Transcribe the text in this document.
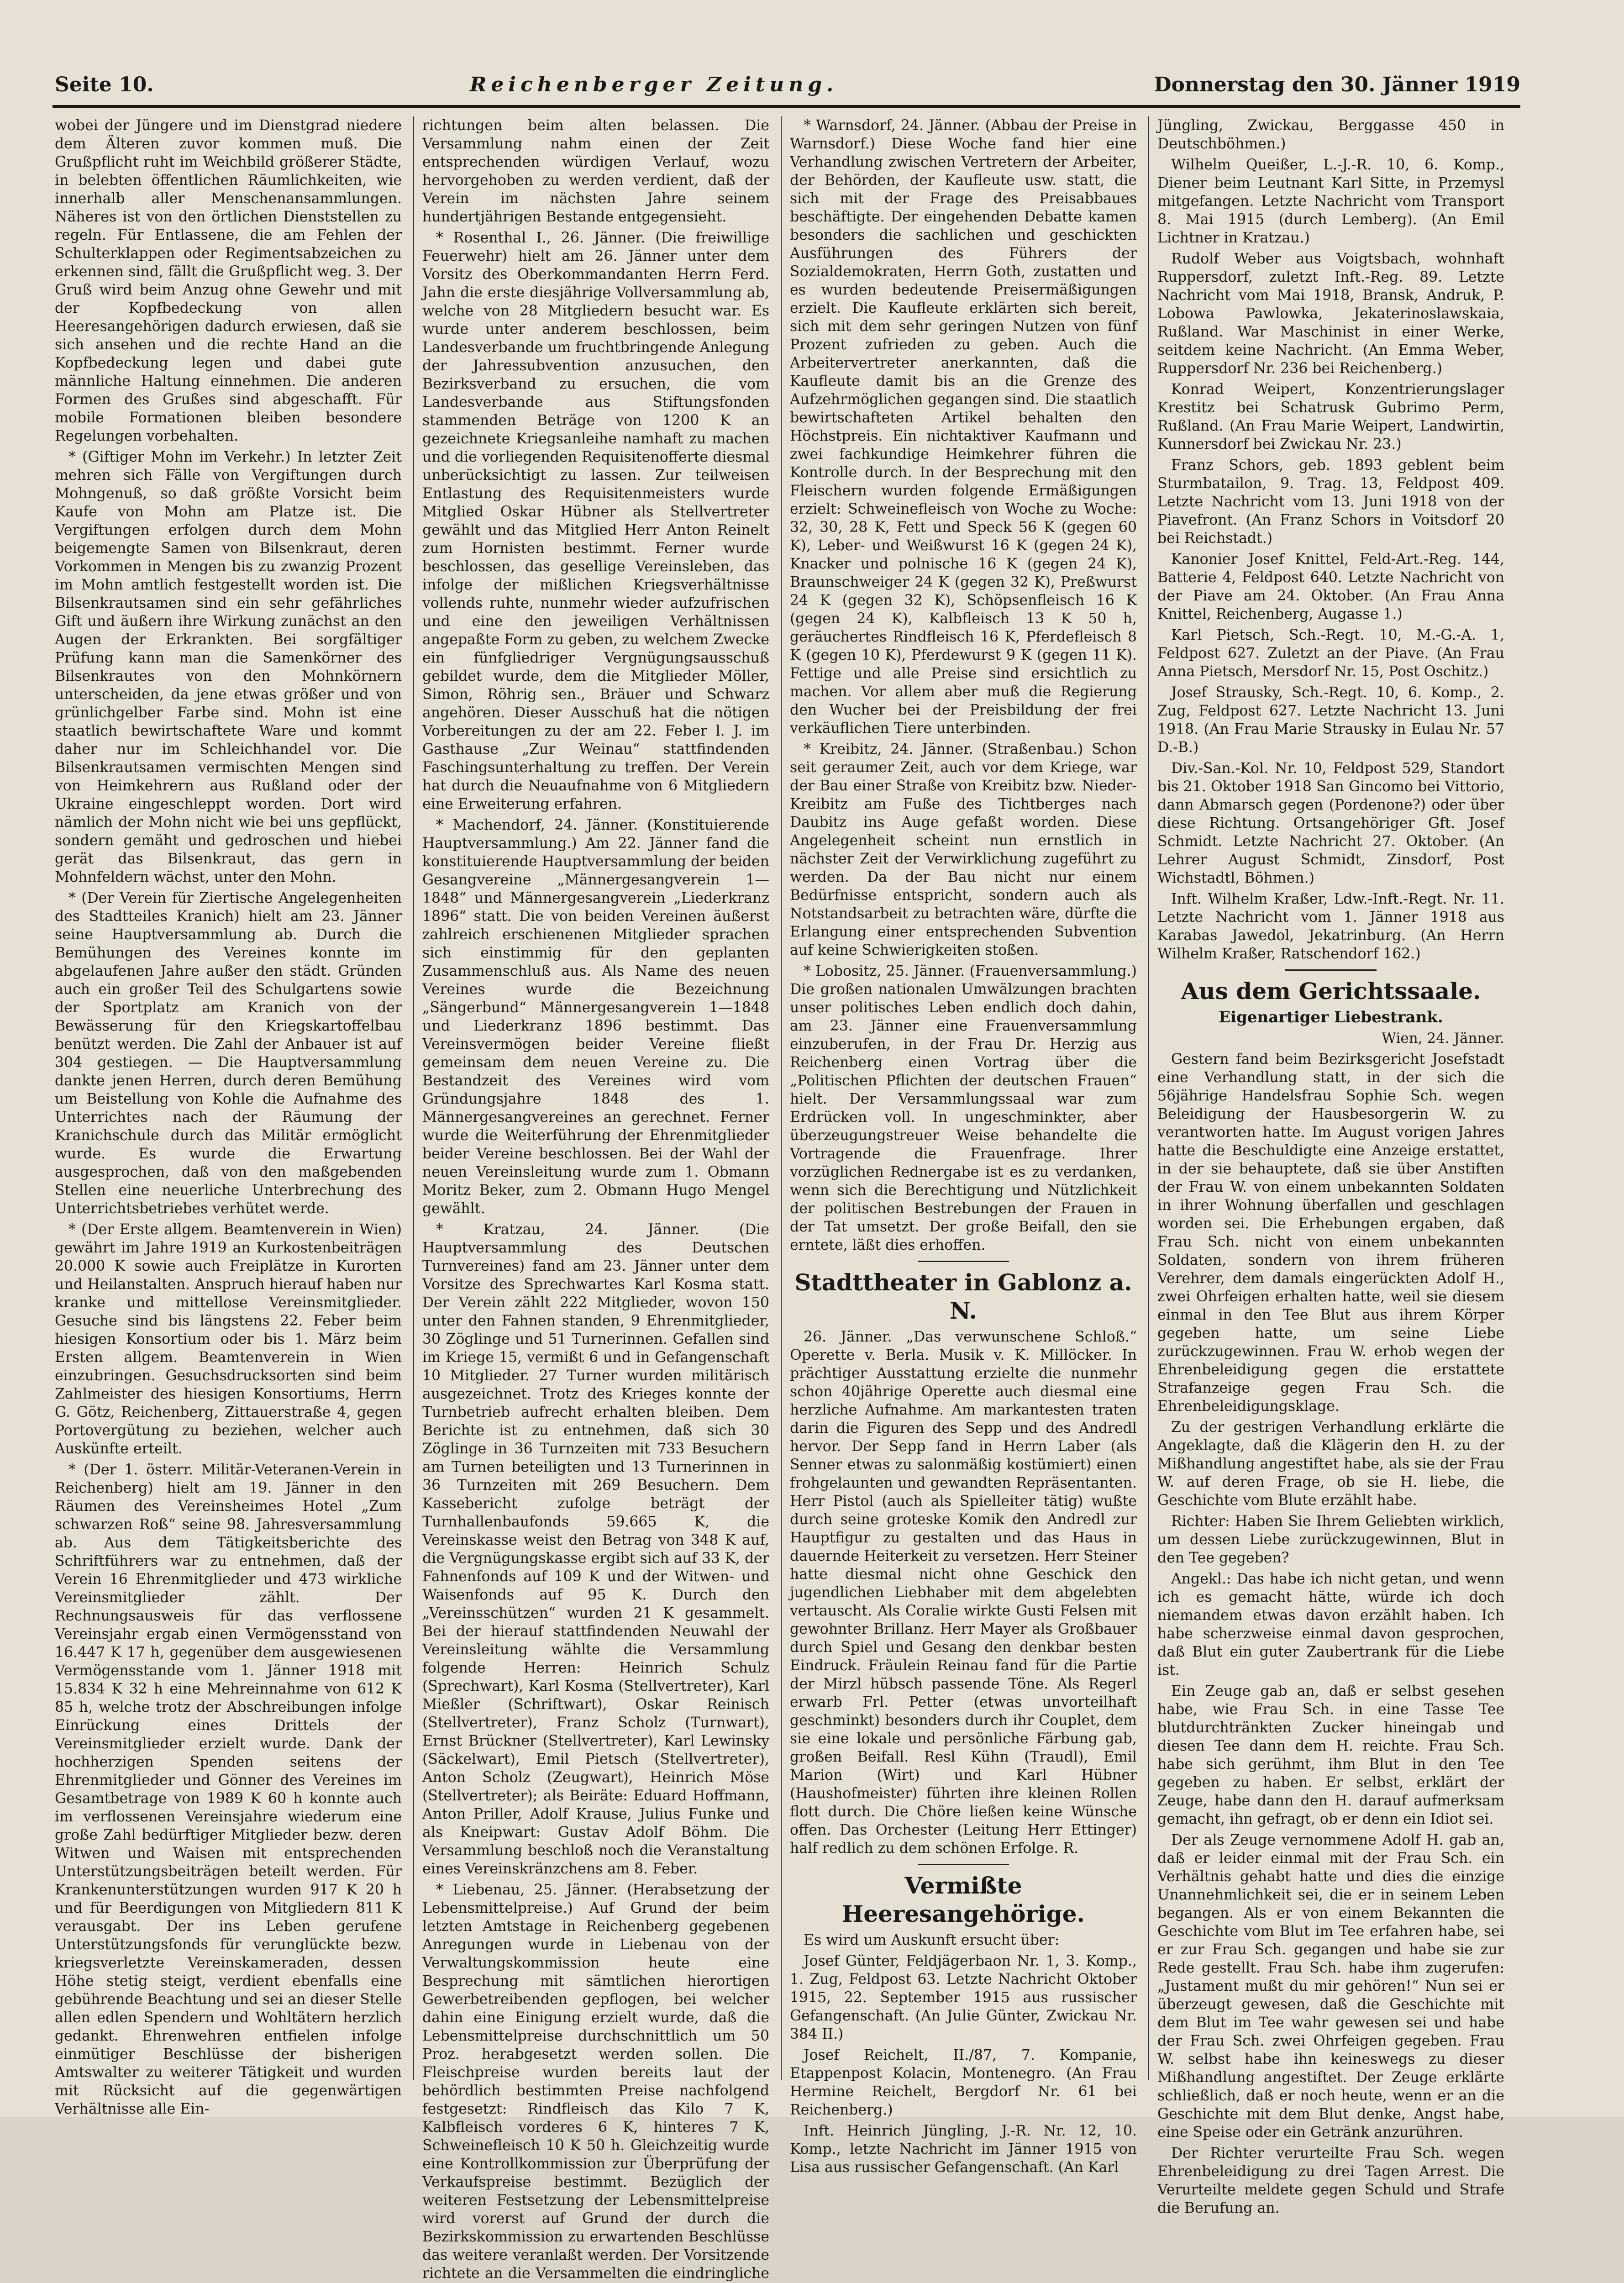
Seite 10.	Reichenberger Zeitung.	Donnerstag den 30. Jänner 1919

wobei der Jüngere und im Dienstgrad niedere dem Älteren zuvor kommen muß. Die Grußpflicht ruht im Weichbild größerer Städte, in belebten öffentlichen Räumlichkeiten, wie innerhalb aller Menschenansammlungen. Näheres ist von den örtlichen Dienststellen zu regeln. Für Entlassene, die am Fehlen der Schulterklappen oder Regimentsabzeichen zu erkennen sind, fällt die Grußpflicht weg. 3. Der Gruß wird beim Anzug ohne Gewehr und mit der Kopfbedeckung von allen Heeresangehörigen dadurch erwiesen, daß sie sich ansehen und die rechte Hand an die Kopfbedeckung legen und dabei gute männliche Haltung einnehmen. Die anderen Formen des Grußes sind abgeschafft. Für mobile Formationen bleiben besondere Regelungen vorbehalten.

* (Giftiger Mohn im Verkehr.) In letzter Zeit mehren sich Fälle von Vergiftungen durch Mohngenuß, so daß größte Vorsicht beim Kaufe von Mohn am Platze ist. Die Vergiftungen erfolgen durch dem Mohn beigemengte Samen von Bilsenkraut, deren Vorkommen in Mengen bis zu zwanzig Prozent im Mohn amtlich festgestellt worden ist. Die Bilsenkrautsamen sind ein sehr gefährliches Gift und äußern ihre Wirkung zunächst an den Augen der Erkrankten. Bei sorgfältiger Prüfung kann man die Samenkörner des Bilsenkrautes von den Mohnkörnern unterscheiden, da jene etwas größer und von grünlichgelber Farbe sind. Mohn ist eine staatlich bewirtschaftete Ware und kommt daher nur im Schleichhandel vor. Die Bilsenkrautsamen vermischten Mengen sind von Heimkehrern aus Rußland oder der Ukraine eingeschleppt worden. Dort wird nämlich der Mohn nicht wie bei uns gepflückt, sondern gemäht und gedroschen und hiebei gerät das Bilsenkraut, das gern in Mohnfeldern wächst, unter den Mohn.

* (Der Verein für Ziertische Angelegenheiten des Stadtteiles Kranich) hielt am 23. Jänner seine Hauptversammlung ab. Durch die Bemühungen des Vereines konnte im abgelaufenen Jahre außer den städt. Gründen auch ein großer Teil des Schulgartens sowie der Sportplatz am Kranich von der Bewässerung für den Kriegskartoffelbau benützt werden. Die Zahl der Anbauer ist auf 304 gestiegen. — Die Hauptversammlung dankte jenen Herren, durch deren Bemühung um Beistellung von Kohle die Aufnahme des Unterrichtes nach der Räumung der Kranichschule durch das Militär ermöglicht wurde. Es wurde die Erwartung ausgesprochen, daß von den maßgebenden Stellen eine neuerliche Unterbrechung des Unterrichtsbetriebes verhütet werde.

* (Der Erste allgem. Beamtenverein in Wien) gewährt im Jahre 1919 an Kurkostenbeiträgen 20.000 K sowie auch Freiplätze in Kurorten und Heilanstalten. Anspruch hierauf haben nur kranke und mittellose Vereinsmitglieder. Gesuche sind bis längstens 22. Feber beim hiesigen Konsortium oder bis 1. März beim Ersten allgem. Beamtenverein in Wien einzubringen. Gesuchsdrucksorten sind beim Zahlmeister des hiesigen Konsortiums, Herrn G. Götz, Reichenberg, Zittauerstraße 4, gegen Portovergütung zu beziehen, welcher auch Auskünfte erteilt.

* (Der 1. österr. Militär-Veteranen-Verein in Reichenberg) hielt am 19. Jänner in den Räumen des Vereinsheimes Hotel „Zum schwarzen Roß“ seine 98. Jahresversammlung ab. Aus dem Tätigkeitsberichte des Schriftführers war zu entnehmen, daß der Verein 16 Ehrenmitglieder und 473 wirkliche Vereinsmitglieder zählt. Der Rechnungsausweis für das verflossene Vereinsjahr ergab einen Vermögensstand von 16.447 K 17 h, gegenüber dem ausgewiesenen Vermögensstande vom 1. Jänner 1918 mit 15.834 K 32 h eine Mehreinnahme von 612 K 85 h, welche trotz der Abschreibungen infolge Einrückung eines Drittels der Vereinsmitglieder erzielt wurde. Dank der hochherzigen Spenden seitens der Ehrenmitglieder und Gönner des Vereines im Gesamtbetrage von 1989 K 60 h konnte auch im verflossenen Vereinsjahre wiederum eine große Zahl bedürftiger Mitglieder bezw. deren Witwen und Waisen mit entsprechenden Unterstützungsbeiträgen beteilt werden. Für Krankenunterstützungen wurden 917 K 20 h und für Beerdigungen von Mitgliedern 811 K verausgabt. Der ins Leben gerufene Unterstützungsfonds für verunglückte bezw. kriegsverletzte Vereinskameraden, dessen Höhe stetig steigt, verdient ebenfalls eine gebührende Beachtung und sei an dieser Stelle allen edlen Spendern und Wohltätern herzlich gedankt. Ehrenwehren entfielen infolge einmütiger Beschlüsse der bisherigen Amtswalter zu weiterer Tätigkeit und wurden mit Rücksicht auf die gegenwärtigen Verhältnisse alle Ein-

richtungen beim alten belassen. Die Versammlung nahm einen der Zeit entsprechenden würdigen Verlauf, wozu hervorgehoben zu werden verdient, daß der Verein im nächsten Jahre seinem hundertjährigen Bestande entgegensieht.

* Rosenthal I., 26. Jänner. (Die freiwillige Feuerwehr) hielt am 26. Jänner unter dem Vorsitz des Oberkommandanten Herrn Ferd. Jahn die erste diesjährige Vollversammlung ab, welche von 28 Mitgliedern besucht war. Es wurde unter anderem beschlossen, beim Landesverbande um fruchtbringende Anlegung der Jahressubvention anzusuchen, den Bezirksverband zu ersuchen, die vom Landesverbande aus Stiftungsfonden stammenden Beträge von 1200 K an gezeichnete Kriegsanleihe namhaft zu machen und die vorliegenden Requisitenofferte diesmal unberücksichtigt zu lassen. Zur teilweisen Entlastung des Requisitenmeisters wurde Mitglied Oskar Hübner als Stellvertreter gewählt und das Mitglied Herr Anton Reinelt zum Hornisten bestimmt. Ferner wurde beschlossen, das gesellige Vereinsleben, das infolge der mißlichen Kriegsverhältnisse vollends ruhte, nunmehr wieder aufzufrischen und eine den jeweiligen Verhältnissen angepaßte Form zu geben, zu welchem Zwecke ein fünfgliedriger Vergnügungsausschuß gebildet wurde, dem die Mitglieder Möller, Simon, Röhrig sen., Bräuer und Schwarz angehören. Dieser Ausschuß hat die nötigen Vorbereitungen zu der am 22. Feber l. J. im Gasthause „Zur Weinau“ stattfindenden Faschingsunterhaltung zu treffen. Der Verein hat durch die Neuaufnahme von 6 Mitgliedern eine Erweiterung erfahren.

* Machendorf, 24. Jänner. (Konstituierende Hauptversammlung.) Am 22. Jänner fand die konstituierende Hauptversammlung der beiden Gesangvereine „Männergesangverein 1—1848“ und Männergesangverein „Liederkranz 1896“ statt. Die von beiden Vereinen äußerst zahlreich erschienenen Mitglieder sprachen sich einstimmig für den geplanten Zusammenschluß aus. Als Name des neuen Vereines wurde die Bezeichnung „Sängerbund“ Männergesangverein 1—1848 und Liederkranz 1896 bestimmt. Das Vereinsvermögen beider Vereine fließt gemeinsam dem neuen Vereine zu. Die Bestandzeit des Vereines wird vom Gründungsjahre 1848 des 1. Männergesangvereines an gerechnet. Ferner wurde die Weiterführung der Ehrenmitglieder beider Vereine beschlossen. Bei der Wahl der neuen Vereinsleitung wurde zum 1. Obmann Moritz Beker, zum 2. Obmann Hugo Mengel gewählt.

* Kratzau, 24. Jänner. (Die Hauptversammlung des Deutschen Turnvereines) fand am 23. Jänner unter dem Vorsitze des Sprechwartes Karl Kosma statt. Der Verein zählt 222 Mitglieder, wovon 150 unter den Fahnen standen, 9 Ehrenmitglieder, 30 Zöglinge und 51 Turnerinnen. Gefallen sind im Kriege 15, vermißt 6 und in Gefangenschaft 10 Mitglieder. 27 Turner wurden militärisch ausgezeichnet. Trotz des Krieges konnte der Turnbetrieb aufrecht erhalten bleiben. Dem Berichte ist zu entnehmen, daß sich 30 Zöglinge in 36 Turnzeiten mit 733 Besuchern am Turnen beteiligten und 13 Turnerinnen in 36 Turnzeiten mit 269 Besuchern. Dem Kassebericht zufolge beträgt der Turnhallenbaufonds 59.665 K, die Vereinskasse weist den Betrag von 348 K auf, die Vergnügungskasse ergibt sich auf 33 K, der Fahnenfonds auf 109 K und der Witwen- und Waisenfonds auf 95 K. Durch den „Vereinsschützen“ wurden 21 K gesammelt. Bei der hierauf stattfindenden Neuwahl der Vereinsleitung wählte die Versammlung folgende Herren: Heinrich Schulz (Sprechwart), Karl Kosma (Stellvertreter), Karl Mießler (Schriftwart), Oskar Reinisch (Stellvertreter), Franz Scholz (Turnwart), Ernst Brückner (Stellvertreter), Karl Lewinsky (Säckelwart), Emil Pietsch (Stellvertreter), Anton Scholz (Zeugwart), Heinrich Möse (Stellvertreter); als Beiräte: Eduard Hoffmann, Anton Priller, Adolf Krause, Julius Funke und als Kneipwart: Gustav Adolf Böhm. Die Versammlung beschloß noch die Veranstaltung eines Vereinskränzchens am 8. Feber.

* Liebenau, 25. Jänner. (Herabsetzung der Lebensmittelpreise.) Auf Grund der beim letzten Amtstage in Reichenberg gegebenen Anregungen wurde in Liebenau von der Verwaltungskommission heute eine Besprechung mit sämtlichen hierortigen Gewerbetreibenden gepflogen, bei welcher dahin eine Einigung erzielt wurde, daß die Lebensmittelpreise durchschnittlich um 50 Proz. herabgesetzt werden sollen. Die Fleischpreise wurden bereits laut der behördlich bestimmten Preise nachfolgend festgesetzt: Rindfleisch das Kilo 7 K, Kalbfleisch vorderes 6 K, hinteres 7 K, Schweinefleisch 10 K 50 h. Gleichzeitig wurde eine Kontrollkommission zur Überprüfung der Verkaufspreise bestimmt. Bezüglich der weiteren Festsetzung der Lebensmittelpreise wird vorerst auf Grund der durch die Bezirkskommission zu erwartenden Beschlüsse das weitere veranlaßt werden. Der Vorsitzende richtete an die Versammelten die eindringliche

* Warnsdorf, 24. Jänner. (Abbau der Preise in Warnsdorf.) Diese Woche fand hier eine Verhandlung zwischen Vertretern der Arbeiter, der Behörden, der Kaufleute usw. statt, die sich mit der Frage des Preisabbaues beschäftigte. Der eingehenden Debatte kamen besonders die sachlichen und geschickten Ausführungen des Führers der Sozialdemokraten, Herrn Goth, zustatten und es wurden bedeutende Preisermäßigungen erzielt. Die Kaufleute erklärten sich bereit, sich mit dem sehr geringen Nutzen von fünf Prozent zufrieden zu geben. Auch die Arbeitervertreter anerkannten, daß die Kaufleute damit bis an die Grenze des Aufzehrmöglichen gegangen sind. Die staatlich bewirtschafteten Artikel behalten den Höchstpreis. Ein nichtaktiver Kaufmann und zwei fachkundige Heimkehrer führen die Kontrolle durch. In der Besprechung mit den Fleischern wurden folgende Ermäßigungen erzielt: Schweinefleisch von Woche zu Woche: 32, 30, 28 K, Fett und Speck 56 K (gegen 60 K), Leber- und Weißwurst 16 K (gegen 24 K), Knacker und polnische 16 K (gegen 24 K), Braunschweiger 24 K (gegen 32 K), Preßwurst 24 K (gegen 32 K), Schöpsenfleisch 16 K (gegen 24 K), Kalbfleisch 13 K 50 h, geräuchertes Rindfleisch 16 K, Pferdefleisch 8 K (gegen 10 K), Pferdewurst 9 K (gegen 11 K). Fettige und alle Preise sind ersichtlich zu machen. Vor allem aber muß die Regierung den Wucher bei der Preisbildung der frei verkäuflichen Tiere unterbinden.

* Kreibitz, 24. Jänner. (Straßenbau.) Schon seit geraumer Zeit, auch vor dem Kriege, war der Bau einer Straße von Kreibitz bzw. Nieder-Kreibitz am Fuße des Tichtberges nach Daubitz ins Auge gefaßt worden. Diese Angelegenheit scheint nun ernstlich in nächster Zeit der Verwirklichung zugeführt zu werden. Da der Bau nicht nur einem Bedürfnisse entspricht, sondern auch als Notstandsarbeit zu betrachten wäre, dürfte die Erlangung einer entsprechenden Subvention auf keine Schwierigkeiten stoßen.

* Lobositz, 25. Jänner. (Frauenversammlung.) Die großen nationalen Umwälzungen brachten unser politisches Leben endlich doch dahin, am 23. Jänner eine Frauenversammlung einzuberufen, in der Frau Dr. Herzig aus Reichenberg einen Vortrag über die „Politischen Pflichten der deutschen Frauen“ hielt. Der Versammlungssaal war zum Erdrücken voll. In ungeschminkter, aber überzeugungstreuer Weise behandelte die Vortragende die Frauenfrage. Ihrer vorzüglichen Rednergabe ist es zu verdanken, wenn sich die Berechtigung und Nützlichkeit der politischen Bestrebungen der Frauen in der Tat umsetzt. Der große Beifall, den sie erntete, läßt dies erhoffen.

Stadttheater in Gablonz a. N.

26. Jänner. „Das verwunschene Schloß.“ Operette v. Berla. Musik v. K. Millöcker. In prächtiger Ausstattung erzielte die nunmehr schon 40jährige Operette auch diesmal eine herzliche Aufnahme. Am markantesten traten darin die Figuren des Sepp und des Andredl hervor. Der Sepp fand in Herrn Laber (als Senner etwas zu salonmäßig kostümiert) einen frohgelaunten und gewandten Repräsentanten. Herr Pistol (auch als Spielleiter tätig) wußte durch seine groteske Komik den Andredl zur Hauptfigur zu gestalten und das Haus in dauernde Heiterkeit zu versetzen. Herr Steiner hatte diesmal nicht ohne Geschick den jugendlichen Liebhaber mit dem abgelebten vertauscht. Als Coralie wirkte Gusti Felsen mit gewohnter Brillanz. Herr Mayer als Großbauer durch Spiel und Gesang den denkbar besten Eindruck. Fräulein Reinau fand für die Partie der Mirzl hübsch passende Töne. Als Regerl erwarb Frl. Petter (etwas unvorteilhaft geschminkt) besonders durch ihr Couplet, dem sie eine lokale und persönliche Färbung gab, großen Beifall. Resl Kühn (Traudl), Emil Marion (Wirt) und Karl Hübner (Haushofmeister) führten ihre kleinen Rollen flott durch. Die Chöre ließen keine Wünsche offen. Das Orchester (Leitung Herr Ettinger) half redlich zu dem schönen Erfolge. R.

Vermißte Heeresangehörige.

Es wird um Auskunft ersucht über:

Josef Günter, Feldjägerbaon Nr. 1, 3. Komp., 1. Zug, Feldpost 63. Letzte Nachricht Oktober 1915, 22. September 1915 aus russischer Gefangenschaft. (An Julie Günter, Zwickau Nr. 384 II.)

Josef Reichelt, II./87, 7. Kompanie, Etappenpost Kolacin, Montenegro. (An Frau Hermine Reichelt, Bergdorf Nr. 61 bei Reichenberg.)

Inft. Heinrich Jüngling, J.-R. Nr. 12, 10. Komp., letzte Nachricht im Jänner 1915 von Lisa aus russischer Gefangenschaft. (An Karl

Jüngling, Zwickau, Berggasse 450 in Deutschböhmen.)

Wilhelm Queißer, L.-J.-R. 10, 6. Komp., Diener beim Leutnant Karl Sitte, in Przemysl mitgefangen. Letzte Nachricht vom Transport 8. Mai 1915 (durch Lemberg). (An Emil Lichtner in Kratzau.)

Rudolf Weber aus Voigtsbach, wohnhaft Ruppersdorf, zuletzt Inft.-Reg. 89. Letzte Nachricht vom Mai 1918, Bransk, Andruk, P. Lobowa Pawlowka, Jekaterinoslawskaia, Rußland. War Maschinist in einer Werke, seitdem keine Nachricht. (An Emma Weber, Ruppersdorf Nr. 236 bei Reichenberg.)

Konrad Weipert, Konzentrierungslager Krestitz bei Schatrusk Gubrimo Perm, Rußland. (An Frau Marie Weipert, Landwirtin, Kunnersdorf bei Zwickau Nr. 23.)

Franz Schors, geb. 1893 geblent beim Sturmbatailon, 9. Trag. 13, Feldpost 409. Letzte Nachricht vom 13. Juni 1918 von der Piavefront. (An Franz Schors in Voitsdorf 20 bei Reichstadt.)

Kanonier Josef Knittel, Feld-Art.-Reg. 144, Batterie 4, Feldpost 640. Letzte Nachricht von der Piave am 24. Oktober. (An Frau Anna Knittel, Reichenberg, Augasse 1.)

Karl Pietsch, Sch.-Regt. 10, M.-G.-A. 1, Feldpost 627. Zuletzt an der Piave. (An Frau Anna Pietsch, Mersdorf Nr. 15, Post Oschitz.)

Josef Strausky, Sch.-Regt. 10, 6. Komp., 2. Zug, Feldpost 627. Letzte Nachricht 13. Juni 1918. (An Frau Marie Strausky in Eulau Nr. 57 D.-B.)

Div.-San.-Kol. Nr. 10, Feldpost 529, Standort bis 21. Oktober 1918 San Gincomo bei Vittorio, dann Abmarsch gegen (Pordenone?) oder über diese Richtung. Ortsangehöriger Gft. Josef Schmidt. Letzte Nachricht 27. Oktober. (An Lehrer August Schmidt, Zinsdorf, Post Wichstadtl, Böhmen.)

Inft. Wilhelm Kraßer, Ldw.-Inft.-Regt. Nr. 11. Letzte Nachricht vom 1. Jänner 1918 aus Karabas Jawedol, Jekatrinburg. (An Herrn Wilhelm Kraßer, Ratschendorf 162.)

Aus dem Gerichtssaale.

Eigenartiger Liebestrank.

Wien, 24. Jänner.

Gestern fand beim Bezirksgericht Josefstadt eine Verhandlung statt, in der sich die 56jährige Handelsfrau Sophie Sch. wegen Beleidigung der Hausbesorgerin W. zu verantworten hatte. Im August vorigen Jahres hatte die Beschuldigte eine Anzeige erstattet, in der sie behauptete, daß sie über Anstiften der Frau W. von einem unbekannten Soldaten in ihrer Wohnung überfallen und geschlagen worden sei. Die Erhebungen ergaben, daß Frau Sch. nicht von einem unbekannten Soldaten, sondern von ihrem früheren Verehrer, dem damals eingerückten Adolf H., zwei Ohrfeigen erhalten hatte, weil sie diesem einmal in den Tee Blut aus ihrem Körper gegeben hatte, um seine Liebe zurückzugewinnen. Frau W. erhob wegen der Ehrenbeleidigung gegen die erstattete Strafanzeige gegen Frau Sch. die Ehrenbeleidigungsklage.

Zu der gestrigen Verhandlung erklärte die Angeklagte, daß die Klägerin den H. zu der Mißhandlung angestiftet habe, als sie der Frau W. auf deren Frage, ob sie H. liebe, die Geschichte vom Blute erzählt habe.

Richter: Haben Sie Ihrem Geliebten wirklich, um dessen Liebe zurückzugewinnen, Blut in den Tee gegeben?

Angekl.: Das habe ich nicht getan, und wenn ich es gemacht hätte, würde ich doch niemandem etwas davon erzählt haben. Ich habe scherzweise einmal davon gesprochen, daß Blut ein guter Zaubertrank für die Liebe ist.

Ein Zeuge gab an, daß er selbst gesehen habe, wie Frau Sch. in eine Tasse Tee blutdurchtränkten Zucker hineingab und diesen Tee dann dem H. reichte. Frau Sch. habe sich gerühmt, ihm Blut in den Tee gegeben zu haben. Er selbst, erklärt der Zeuge, habe dann den H. darauf aufmerksam gemacht, ihn gefragt, ob er denn ein Idiot sei.

Der als Zeuge vernommene Adolf H. gab an, daß er leider einmal mit der Frau Sch. ein Verhältnis gehabt hatte und dies die einzige Unannehmlichkeit sei, die er in seinem Leben begangen. Als er von einem Bekannten die Geschichte vom Blut im Tee erfahren habe, sei er zur Frau Sch. gegangen und habe sie zur Rede gestellt. Frau Sch. habe ihm zugerufen: „Justament mußt du mir gehören!“ Nun sei er überzeugt gewesen, daß die Geschichte mit dem Blut im Tee wahr gewesen sei und habe der Frau Sch. zwei Ohrfeigen gegeben. Frau W. selbst habe ihn keineswegs zu dieser Mißhandlung angestiftet. Der Zeuge erklärte schließlich, daß er noch heute, wenn er an die Geschichte mit dem Blut denke, Angst habe, eine Speise oder ein Getränk anzurühren.

Der Richter verurteilte Frau Sch. wegen Ehrenbeleidigung zu drei Tagen Arrest. Die Verurteilte meldete gegen Schuld und Strafe die Berufung an.
